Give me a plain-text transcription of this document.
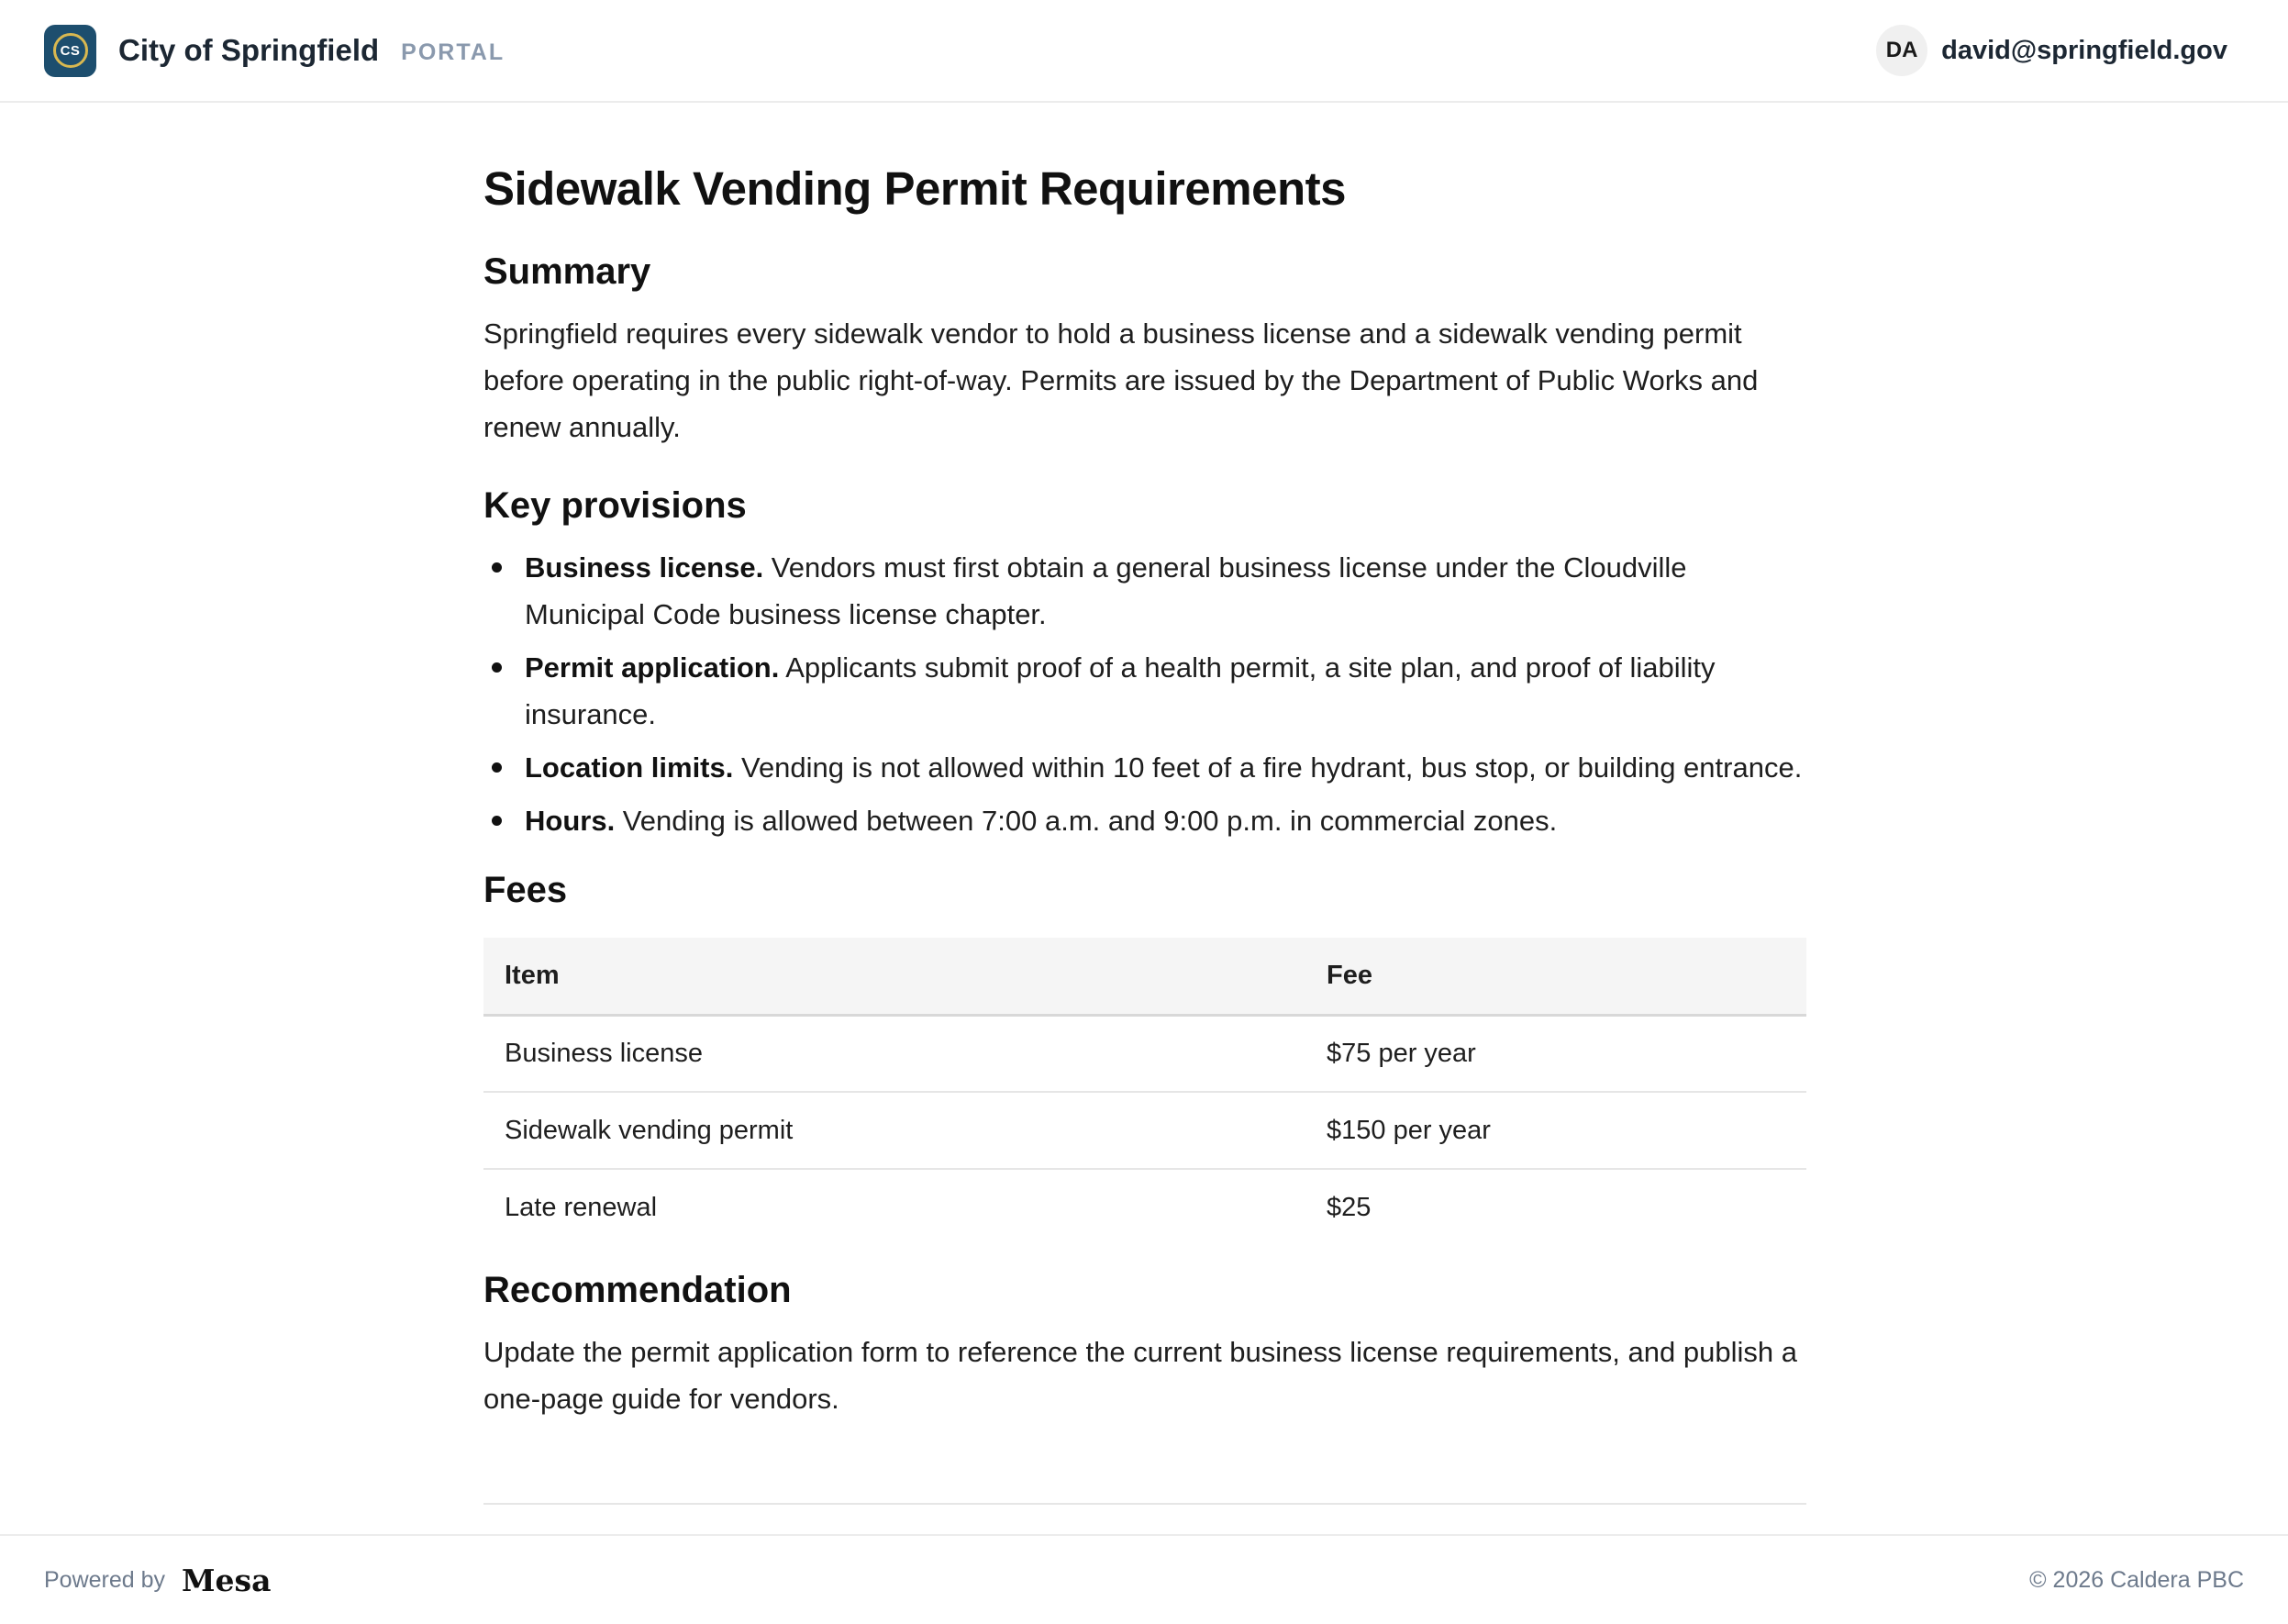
CS City of Springfield PORTAL	DA david@springfield.gov
Sidewalk Vending Permit Requirements
Summary

Springfield requires every sidewalk vendor to hold a business license and a sidewalk vending permit before operating in the public right-of-way. Permits are issued by the Department of Public Works and renew annually.

Key provisions
Business license. Vendors must first obtain a general business license under the Cloudville Municipal Code business license chapter.
Permit application. Applicants submit proof of a health permit, a site plan, and proof of liability insurance.
Location limits. Vending is not allowed within 10 feet of a fire hydrant, bus stop, or building entrance.
Hours. Vending is allowed between 7:00 a.m. and 9:00 p.m. in commercial zones.
Fees
Item	Fee
Business license	$75 per year
Sidewalk vending permit	$150 per year
Late renewal	$25
Recommendation

Update the permit application form to reference the current business license requirements, and publish a one-page guide for vendors.

Powered by Mesa	© 2026 Caldera PBC
